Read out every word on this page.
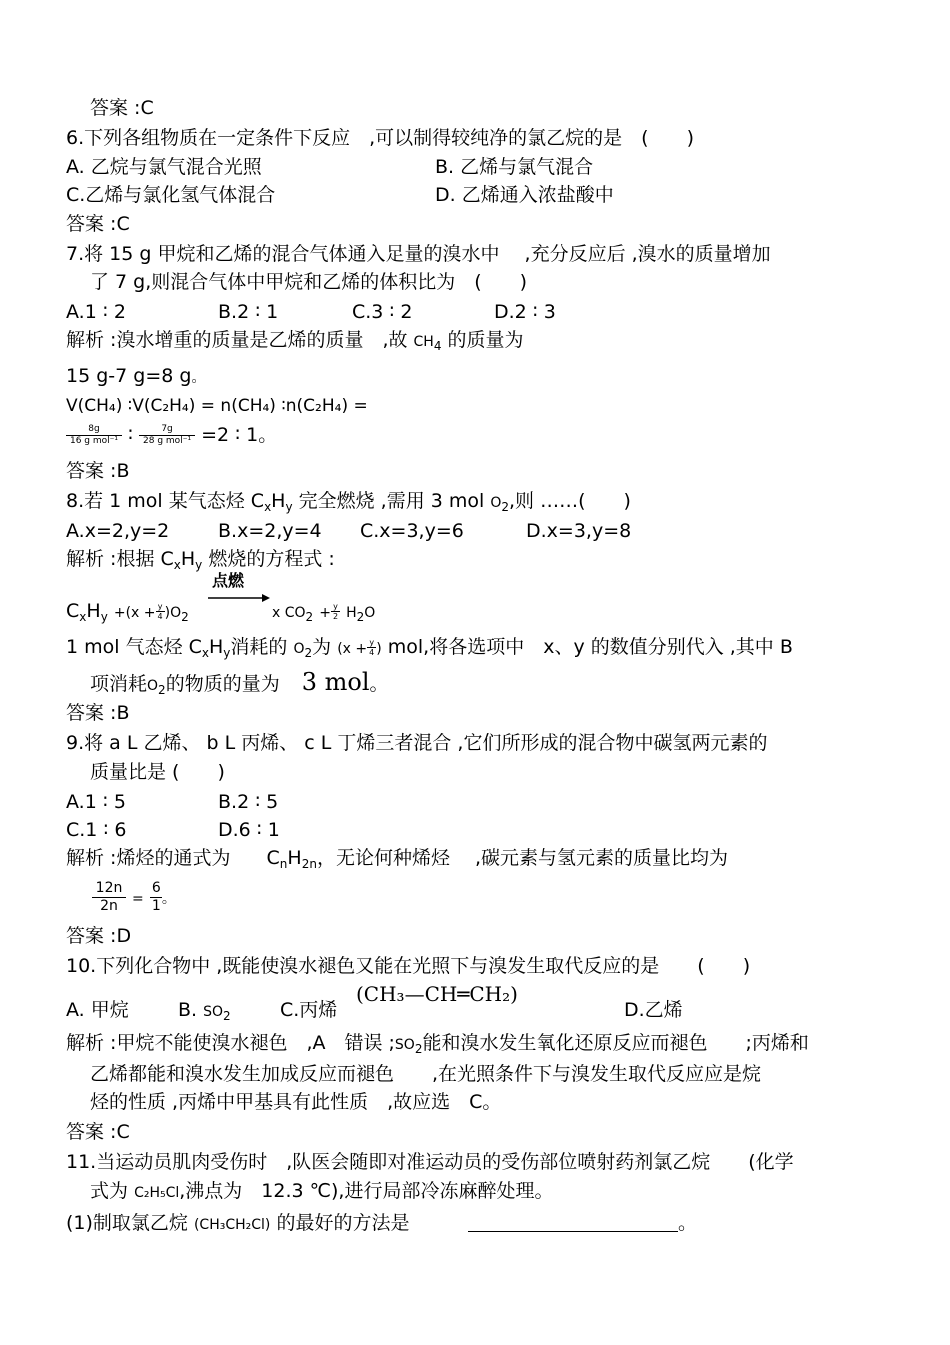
答案 :C
6.下列各组物质在一定条件下反应　,可以制得较纯净的氯乙烷的是　(　　)
A. 乙烷与氯气混合光照	B. 乙烯与氯气混合
C.乙烯与氯化氢气体混合	D. 乙烯通入浓盐酸中
答案 :C
7.将 15 g 甲烷和乙烯的混合气体通入足量的溴水中　 ,充分反应后 ,溴水的质量增加
了 7 g,则混合气体中甲烷和乙烯的体积比为　(　　)
A.1 ∶ 2	B.2 ∶ 1	C.3 ∶ 2	D.2 ∶ 3
解析 :溴水增重的质量是乙烯的质量　,故 CH4 的质量为
15 g-7 g=8 g。
V(CH₄) ∶V(C₂H₄) = n(CH₄) ∶n(C₂H₄) =
$\frac{8g}{\text{16 g mol⁻¹}}$ ∶ $\frac{7g}{\text{28 g mol⁻¹}} =2$ ∶ 1。
答案 :B
8.若 1 mol 某气态烃 $C_xH_y$ 完全燃烧 ,需用 3 mol O2,则 ……(　　)
A.x=2,y=2	B.x=2,y=4 C.x=3,y=6	D.x=3,y=8
解析 :根据 $C_xH_y$ 燃烧的方程式 :
点燃
$C_xH_y +(x + \frac{y}{4} )O_2$	x $CO_2 + \frac{y}{2} H_2O$
1 mol 气态烃 $C_xH_y$消耗的 O2为 ($x + \frac{y}{4}$ ) mol,将各选项中　x、y 的数值分别代入 ,其中 B
项消耗O2的物质的量为 3 mol。
答案 :B
9.将 a L 乙烯、 b L 丙烯、 c L 丁烯三者混合 ,它们所形成的混合物中碳氢两元素的
质量比是 (　　)
A.1 ∶ 5	B.2 ∶ 5
C.1 ∶ 6	D.6 ∶ 1
解析 :烯烃的通式为 $C_nH_{2n}$，无论何种烯烃　 ,碳元素与氢元素的质量比均为
$\frac{12n}{2n} = \frac{6}{1}$ 。
答案 :D
10.下列化合物中 ,既能使溴水褪色又能在光照下与溴发生取代反应的是　　(　　)
A. 甲烷	B. SO2	C.丙烯
(CH₃—CH═CH₂)
D.乙烯
解析 :甲烷不能使溴水褪色　,A　错误 ;SO2能和溴水发生氧化还原反应而褪色　　;丙烯和
乙烯都能和溴水发生加成反应而褪色　　,在光照条件下与溴发生取代反应应是烷
烃的性质 ,丙烯中甲基具有此性质　,故应选　C。
答案 :C
11.当运动员肌肉受伤时　,队医会随即对准运动员的受伤部位喷射药剂氯乙烷　　(化学
式为 C₂H₅Cl,沸点为　12.3 ℃),进行局部冷冻麻醉处理。
(1)制取氯乙烷 (CH₃CH₂Cl) 的最好的方法是	。
